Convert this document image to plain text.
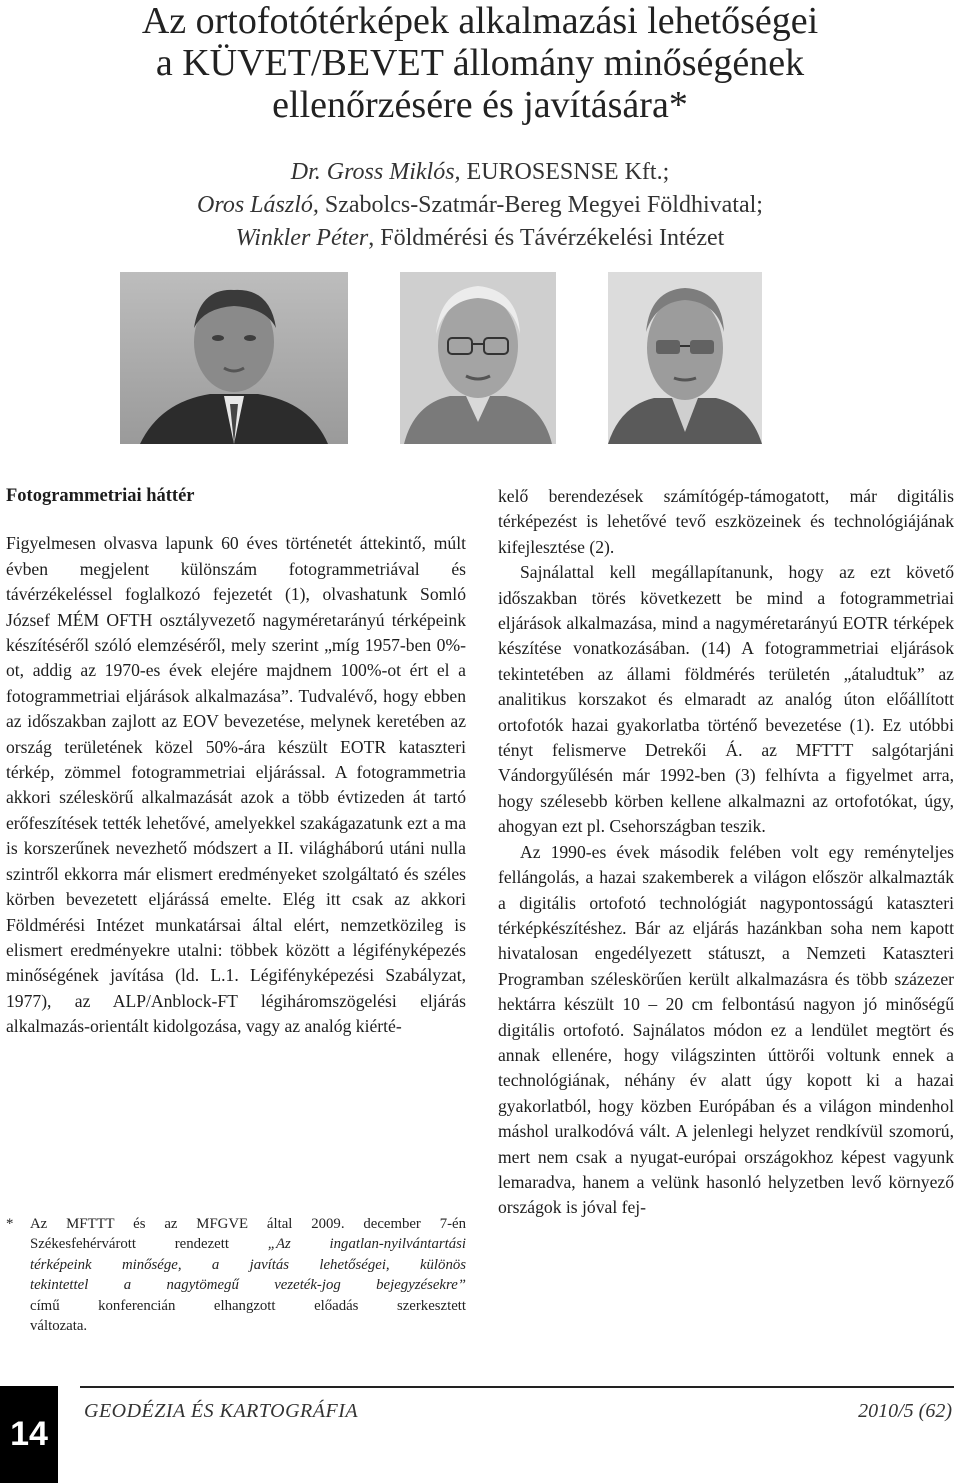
Az ortofotótérképek alkalmazási lehetőségei
a KÜVET/BEVET állomány minőségének
ellenőrzésére és javítására*
Dr. Gross Miklós, EUROSESNSE Kft.;
Oros László, Szabolcs-Szatmár-Bereg Megyei Földhivatal;
Winkler Péter, Földmérési és Távérzékelési Intézet

Fotogrammetriai háttér

Figyelmesen olvasva lapunk 60 éves történetét áttekintő, múlt évben megjelent különszám fotogrammetriával és távérzékeléssel foglalkozó fejezetét (1), olvashatunk Somló József MÉM OFTH osztályvezető nagyméretarányú térképeink készítéséről szóló elemzéséről, mely szerint „míg 1957-ben 0%-ot, addig az 1970-es évek elejére majdnem 100%-ot ért el a fotogrammetriai eljárások alkalmazása”. Tudvalévő, hogy ebben az időszakban zajlott az EOV bevezetése, melynek keretében az ország területének közel 50%-ára készült EOTR kataszteri térkép, zömmel fotogrammetriai eljárással. A fotogrammetria akkori széleskörű alkalmazását azok a több évtizeden át tartó erőfeszítések tették lehetővé, amelyekkel szakágazatunk ezt a ma is korszerűnek nevezhető módszert a II. világháború utáni nulla szintről ekkorra már elismert eredményeket szolgáltató és széles körben bevezetett eljárássá emelte. Elég itt csak az akkori Földmérési Intézet munkatársai által elért, nemzetközileg is elismert eredményekre utalni: többek között a légifényképezés minőségének javítása (ld. L.1. Légifényképezési Szabályzat, 1977), az ALP/Anblock-FT légiháromszögelési eljárás alkalmazás-orientált kidolgozása, vagy az analóg kiérté-

kelő berendezések számítógép-támogatott, már digitális térképezést is lehetővé tevő eszközeinek és technológiájának kifejlesztése (2).

Sajnálattal kell megállapítanunk, hogy az ezt követő időszakban törés következett be mind a fotogrammetriai eljárások alkalmazása, mind a nagyméretarányú EOTR térképek készítése vonatkozásában. (14) A fotogrammetriai eljárások tekintetében az állami földmérés területén „átaludtuk” az analitikus korszakot és elmaradt az analóg úton előállított ortofotók hazai gyakorlatba történő bevezetése (1). Ez utóbbi tényt felismerve Detrekői Á. az MFTTT salgótarjáni Vándorgyűlésén már 1992-ben (3) felhívta a figyelmet arra, hogy szélesebb körben kellene alkalmazni az ortofotókat, úgy, ahogyan ezt pl. Csehországban teszik.

Az 1990-es évek második felében volt egy reményteljes fellángolás, a hazai szakemberek a világon először alkalmazták a digitális ortofotó technológiát nagypontosságú kataszteri térképkészítéshez. Bár az eljárás hazánkban soha nem kapott hivatalosan engedélyezett státuszt, a Nemzeti Kataszteri Programban széleskörűen került alkalmazásra és több százezer hektárra készült 10 – 20 cm felbontású nagyon jó minőségű digitális ortofotó. Sajnálatos módon ez a lendület megtört és annak ellenére, hogy világszinten úttörői voltunk ennek a technológiának, néhány év alatt úgy kopott ki a hazai gyakorlatból, hogy közben Európában és a világon mindenhol máshol uralkodóvá vált. A jelenlegi helyzet rendkívül szomorú, mert nem csak a nyugat-európai országokhoz képest vagyunk lemaradva, hanem a velünk hasonló helyzetben levő környező országok is jóval fej-

* Az MFTTT és az MFGVE által 2009. december 7-én
Székesfehérvárott rendezett „Az ingatlan-nyilvántartási
térképeink minősége, a javítás lehetőségei, különös
tekintettel a nagytömegű vezeték-jog bejegyzésekre”
című konferencián elhangzott előadás szerkesztett
változata.
14
GEODÉZIA ÉS KARTOGRÁFIA	2010/5 (62)
